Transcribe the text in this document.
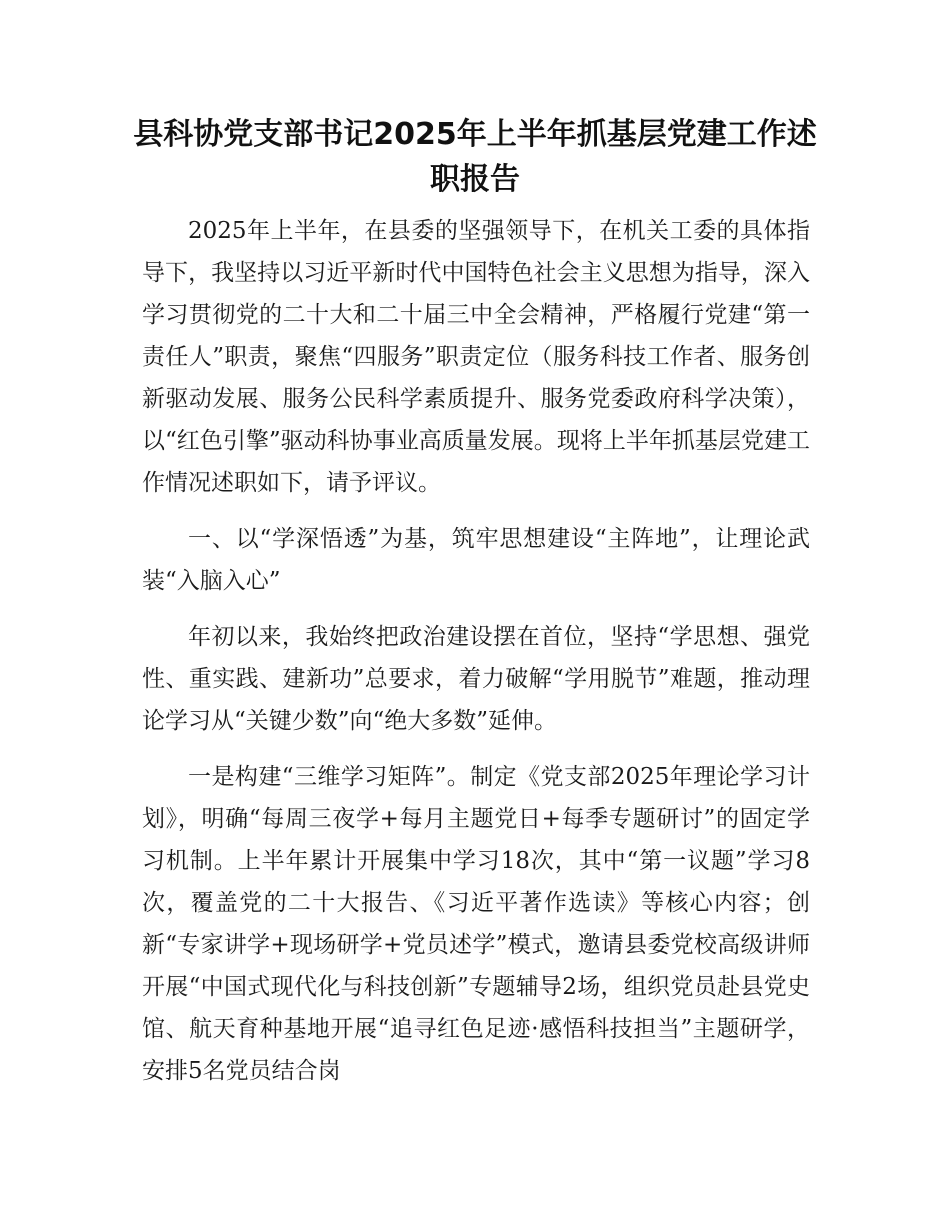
县科协党支部书记2025年上半年抓基层党建工作述职报告

2025年上半年，在县委的坚强领导下，在机关工委的具体指导下，我坚持以习近平新时代中国特色社会主义思想为指导，深入学习贯彻党的二十大和二十届三中全会精神，严格履行党建“第一责任人”职责，聚焦“四服务”职责定位（服务科技工作者、服务创新驱动发展、服务公民科学素质提升、服务党委政府科学决策），以“红色引擎”驱动科协事业高质量发展。现将上半年抓基层党建工作情况述职如下，请予评议。

一、以“学深悟透”为基，筑牢思想建设“主阵地”，让理论武装“入脑入心”

年初以来，我始终把政治建设摆在首位，坚持“学思想、强党性、重实践、建新功”总要求，着力破解“学用脱节”难题，推动理论学习从“关键少数”向“绝大多数”延伸。

一是构建“三维学习矩阵”。制定《党支部2025年理论学习计划》，明确“每周三夜学+每月主题党日+每季专题研讨”的固定学习机制。上半年累计开展集中学习18次，其中“第一议题”学习8次，覆盖党的二十大报告、《习近平著作选读》等核心内容；创新“专家讲学+现场研学+党员述学”模式，邀请县委党校高级讲师开展“中国式现代化与科技创新”专题辅导2场，组织党员赴县党史馆、航天育种基地开展“追寻红色足迹·感悟科技担当”主题研学，安排5名党员结合岗
